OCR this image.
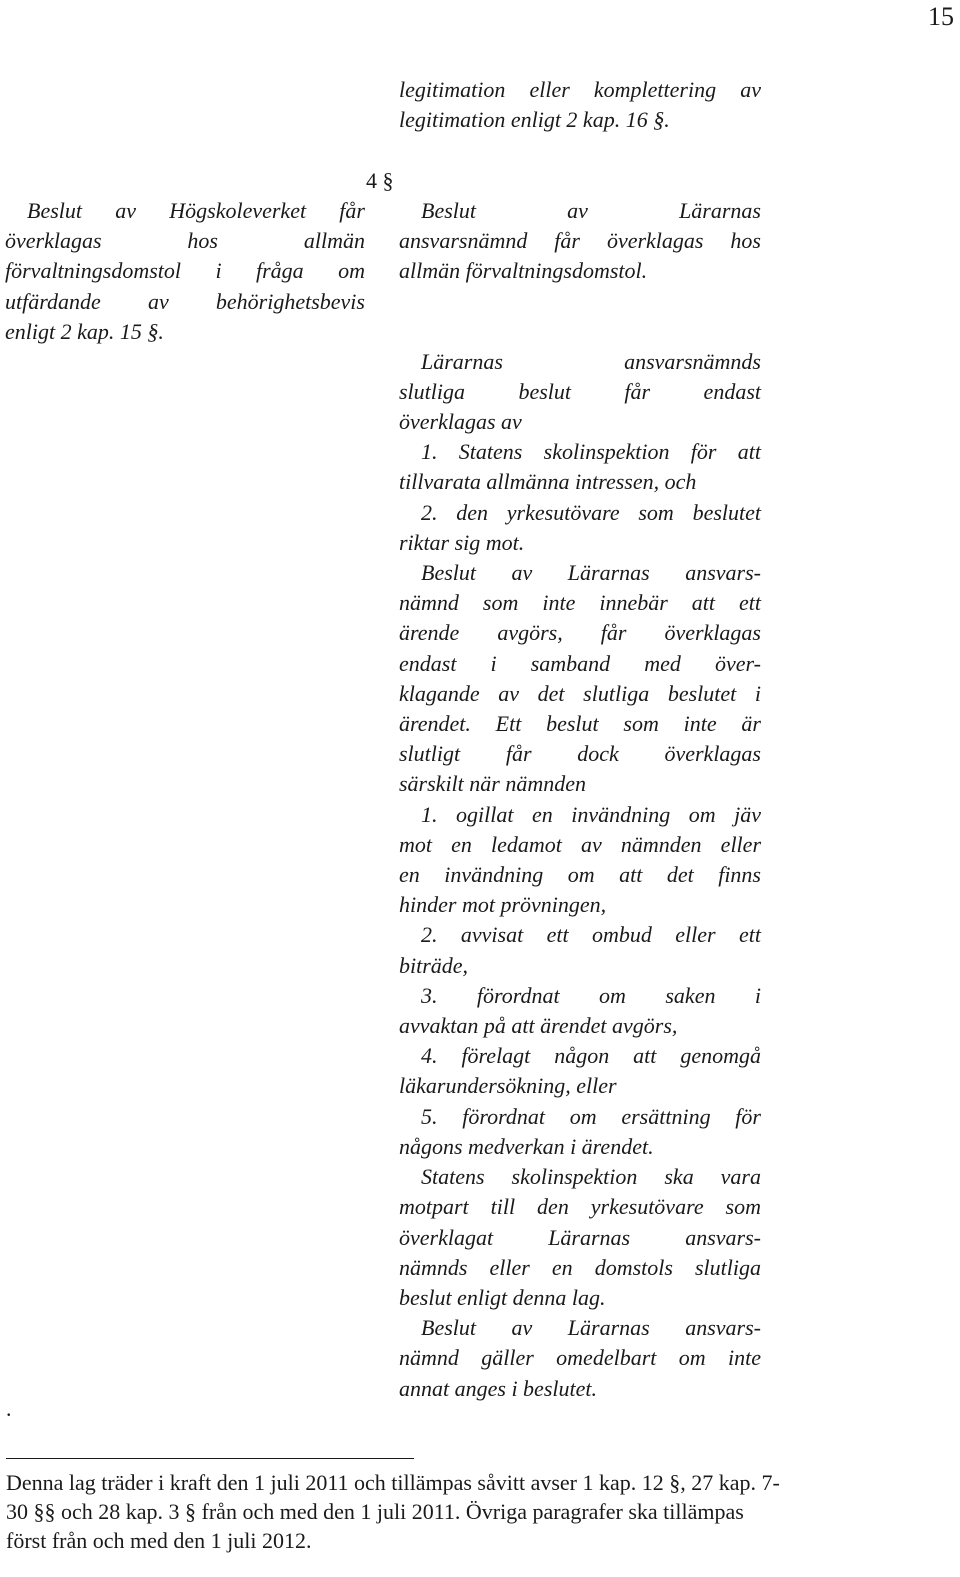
15

legitimation eller komplettering av

legitimation enligt 2 kap. 16 §.

4 §

Beslut av Högskoleverket får

överklagas hos allmän

förvaltningsdomstol i fråga om

utfärdande av behörighetsbevis

enligt 2 kap. 15 §.

Beslut av Lärarnas

ansvarsnämnd får överklagas hos

allmän förvaltningsdomstol.

Lärarnas ansvarsnämnds

slutliga beslut får endast

överklagas av

1. Statens skolinspektion för att

tillvarata allmänna intressen, och

2. den yrkesutövare som beslutet

riktar sig mot.

Beslut av Lärarnas ansvars-

nämnd som inte innebär att ett

ärende avgörs, får överklagas

endast i samband med över-

klagande av det slutliga beslutet i

ärendet. Ett beslut som inte är

slutligt får dock överklagas

särskilt när nämnden

1. ogillat en invändning om jäv

mot en ledamot av nämnden eller

en invändning om att det finns

hinder mot prövningen,

2. avvisat ett ombud eller ett

biträde,

3. förordnat om saken i

avvaktan på att ärendet avgörs,

4. förelagt någon att genomgå

läkarundersökning, eller

5. förordnat om ersättning för

någons medverkan i ärendet.

Statens skolinspektion ska vara

motpart till den yrkesutövare som

överklagat Lärarnas ansvars-

nämnds eller en domstols slutliga

beslut enligt denna lag.

Beslut av Lärarnas ansvars-

nämnd gäller omedelbart om inte

annat anges i beslutet.

.
Denna lag träder i kraft den 1 juli 2011 och tillämpas såvitt avser 1 kap. 12 §, 27 kap. 7-
30 §§ och 28 kap. 3 § från och med den 1 juli 2011. Övriga paragrafer ska tillämpas
först från och med den 1 juli 2012.
